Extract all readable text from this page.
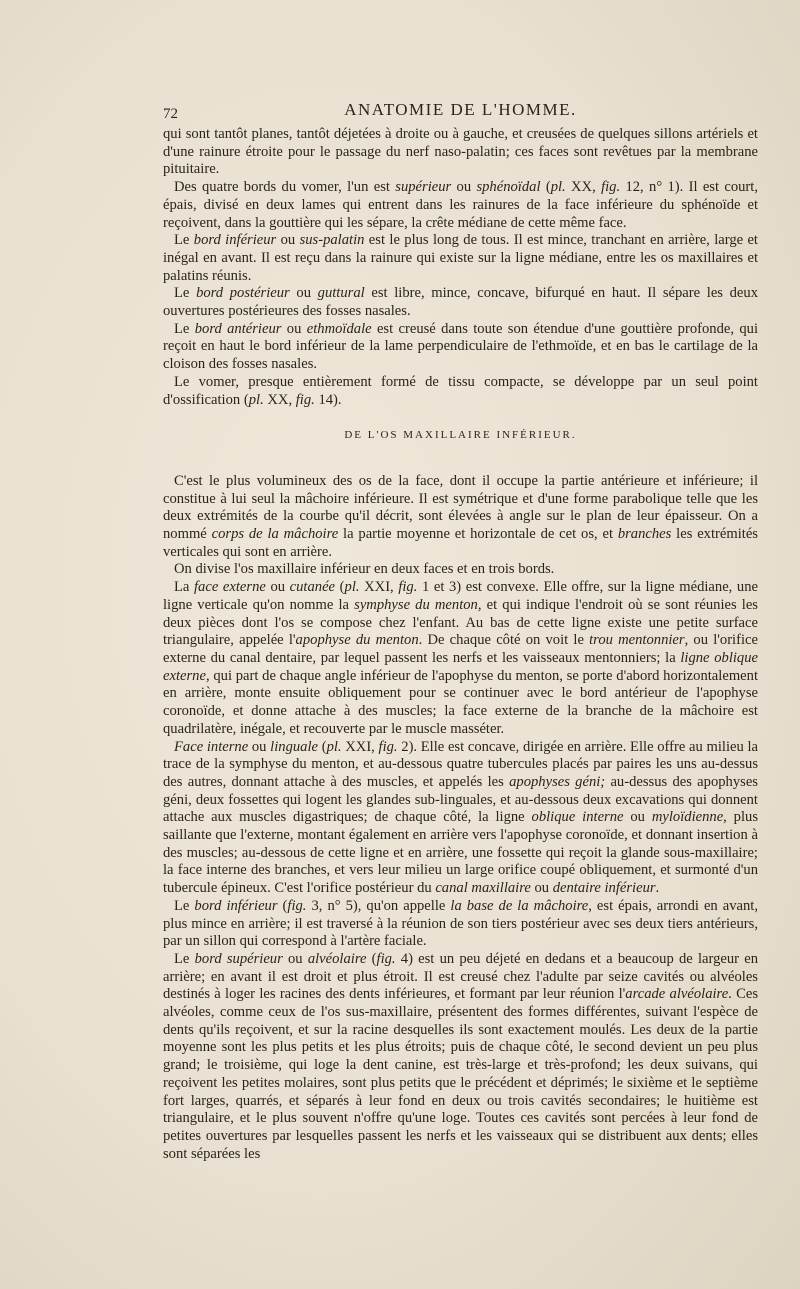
72	ANATOMIE DE L'HOMME.

qui sont tantôt planes, tantôt déjetées à droite ou à gauche, et creusées de quelques sillons artériels et d'une rainure étroite pour le passage du nerf naso-palatin; ces faces sont revêtues par la membrane pituitaire.

Des quatre bords du vomer, l'un est supérieur ou sphénoïdal (pl. XX, fig. 12, n° 1). Il est court, épais, divisé en deux lames qui entrent dans les rainures de la face inférieure du sphénoïde et reçoivent, dans la gouttière qui les sépare, la crête médiane de cette même face.

Le bord inférieur ou sus-palatin est le plus long de tous. Il est mince, tranchant en arrière, large et inégal en avant. Il est reçu dans la rainure qui existe sur la ligne médiane, entre les os maxillaires et palatins réunis.

Le bord postérieur ou guttural est libre, mince, concave, bifurqué en haut. Il sépare les deux ouvertures postérieures des fosses nasales.

Le bord antérieur ou ethmoïdale est creusé dans toute son étendue d'une gouttière profonde, qui reçoit en haut le bord inférieur de la lame perpendiculaire de l'ethmoïde, et en bas le cartilage de la cloison des fosses nasales.

Le vomer, presque entièrement formé de tissu compacte, se développe par un seul point d'ossification (pl. XX, fig. 14).

DE L'OS MAXILLAIRE INFÉRIEUR.

C'est le plus volumineux des os de la face, dont il occupe la partie antérieure et inférieure; il constitue à lui seul la mâchoire inférieure. Il est symétrique et d'une forme parabolique telle que les deux extrémités de la courbe qu'il décrit, sont élevées à angle sur le plan de leur épaisseur. On a nommé corps de la mâchoire la partie moyenne et horizontale de cet os, et branches les extrémités verticales qui sont en arrière.

On divise l'os maxillaire inférieur en deux faces et en trois bords.

La face externe ou cutanée (pl. XXI, fig. 1 et 3) est convexe. Elle offre, sur la ligne médiane, une ligne verticale qu'on nomme la symphyse du menton, et qui indique l'endroit où se sont réunies les deux pièces dont l'os se compose chez l'enfant. Au bas de cette ligne existe une petite surface triangulaire, appelée l'apophyse du menton. De chaque côté on voit le trou mentonnier, ou l'orifice externe du canal dentaire, par lequel passent les nerfs et les vaisseaux mentonniers; la ligne oblique externe, qui part de chaque angle inférieur de l'apophyse du menton, se porte d'abord horizontalement en arrière, monte ensuite obliquement pour se continuer avec le bord antérieur de l'apophyse coronoïde, et donne attache à des muscles; la face externe de la branche de la mâchoire est quadrilatère, inégale, et recouverte par le muscle masséter.

Face interne ou linguale (pl. XXI, fig. 2). Elle est concave, dirigée en arrière. Elle offre au milieu la trace de la symphyse du menton, et au-dessous quatre tubercules placés par paires les uns au-dessus des autres, donnant attache à des muscles, et appelés les apophyses géni; au-dessus des apophyses géni, deux fossettes qui logent les glandes sub-linguales, et au-dessous deux excavations qui donnent attache aux muscles digastriques; de chaque côté, la ligne oblique interne ou myloïdienne, plus saillante que l'externe, montant également en arrière vers l'apophyse coronoïde, et donnant insertion à des muscles; au-dessous de cette ligne et en arrière, une fossette qui reçoit la glande sous-maxillaire; la face interne des branches, et vers leur milieu un large orifice coupé obliquement, et surmonté d'un tubercule épineux. C'est l'orifice postérieur du canal maxillaire ou dentaire inférieur.

Le bord inférieur (fig. 3, n° 5), qu'on appelle la base de la mâchoire, est épais, arrondi en avant, plus mince en arrière; il est traversé à la réunion de son tiers postérieur avec ses deux tiers antérieurs, par un sillon qui correspond à l'artère faciale.

Le bord supérieur ou alvéolaire (fig. 4) est un peu déjeté en dedans et a beaucoup de largeur en arrière; en avant il est droit et plus étroit. Il est creusé chez l'adulte par seize cavités ou alvéoles destinés à loger les racines des dents inférieures, et formant par leur réunion l'arcade alvéolaire. Ces alvéoles, comme ceux de l'os sus-maxillaire, présentent des formes différentes, suivant l'espèce de dents qu'ils reçoivent, et sur la racine desquelles ils sont exactement moulés. Les deux de la partie moyenne sont les plus petits et les plus étroits; puis de chaque côté, le second devient un peu plus grand; le troisième, qui loge la dent canine, est très-large et très-profond; les deux suivans, qui reçoivent les petites molaires, sont plus petits que le précédent et déprimés; le sixième et le septième fort larges, quarrés, et séparés à leur fond en deux ou trois cavités secondaires; le huitième est triangulaire, et le plus souvent n'offre qu'une loge. Toutes ces cavités sont percées à leur fond de petites ouvertures par lesquelles passent les nerfs et les vaisseaux qui se distribuent aux dents; elles sont séparées les
